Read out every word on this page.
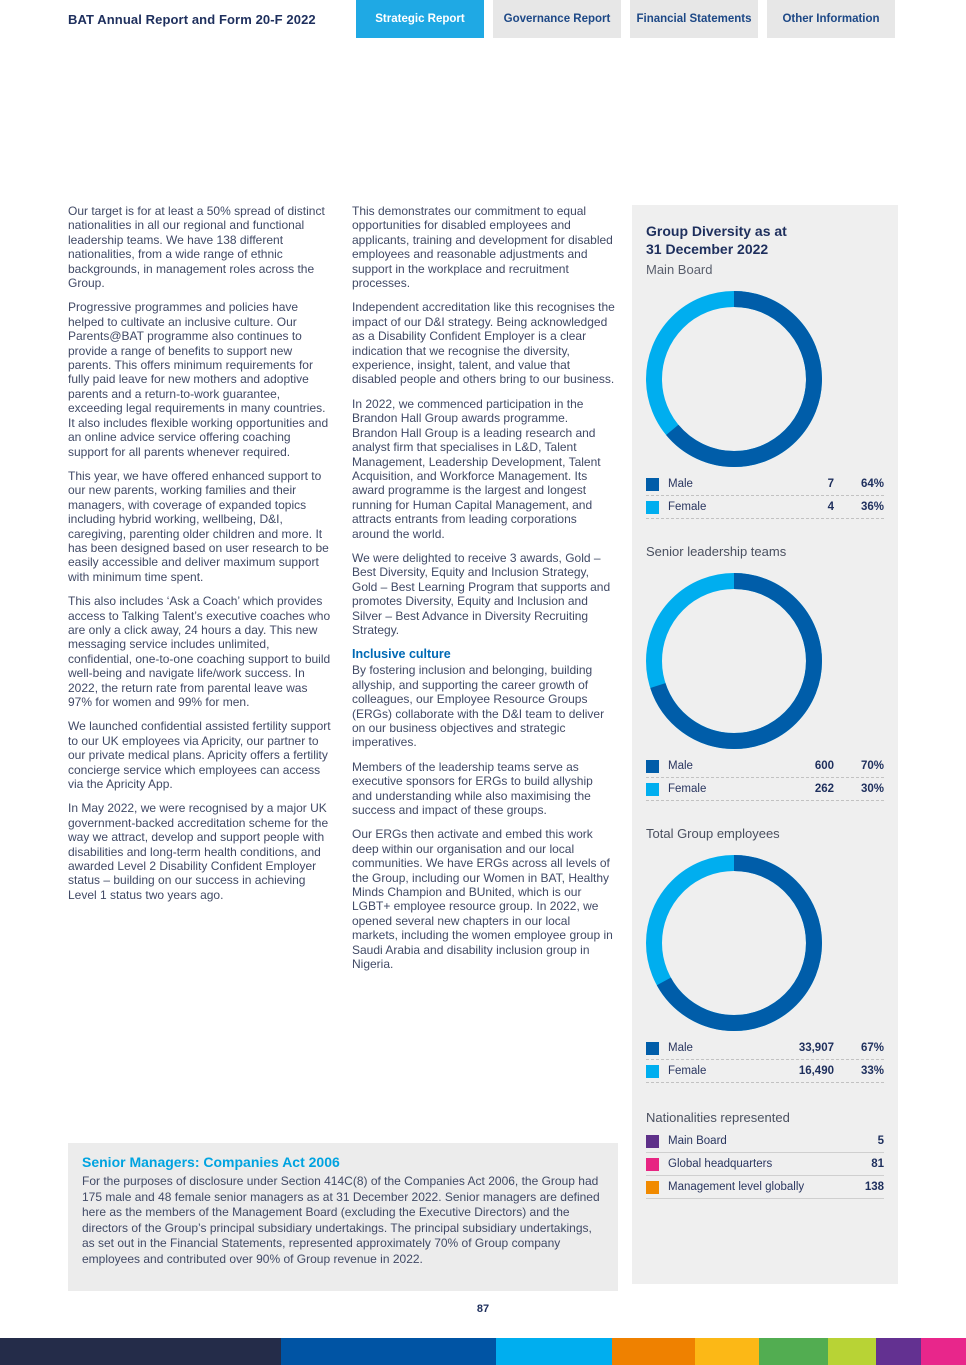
BAT Annual Report and Form 20-F 2022	Strategic Report	Governance Report	Financial Statements	Other Information

Our target is for at least a 50% spread of distinct nationalities in all our regional and functional leadership teams. We have 138 different nationalities, from a wide range of ethnic backgrounds, in management roles across the Group.

Progressive programmes and policies have helped to cultivate an inclusive culture. Our Parents@BAT programme also continues to provide a range of benefits to support new parents. This offers minimum requirements for fully paid leave for new mothers and adoptive parents and a return-to-work guarantee, exceeding legal requirements in many countries. It also includes flexible working opportunities and an online advice service offering coaching support for all parents whenever required.

This year, we have offered enhanced support to our new parents, working families and their managers, with coverage of expanded topics including hybrid working, wellbeing, D&I, caregiving, parenting older children and more. It has been designed based on user research to be easily accessible and deliver maximum support with minimum time spent.

This also includes ‘Ask a Coach’ which provides access to Talking Talent’s executive coaches who are only a click away, 24 hours a day. This new messaging service includes unlimited, confidential, one-to-one coaching support to build well-being and navigate life/work success. In 2022, the return rate from parental leave was 97% for women and 99% for men.

We launched confidential assisted fertility support to our UK employees via Apricity, our partner to our private medical plans. Apricity offers a fertility concierge service which employees can access via the Apricity App.

In May 2022, we were recognised by a major UK government-backed accreditation scheme for the way we attract, develop and support people with disabilities and long-term health conditions, and awarded Level 2 Disability Confident Employer status – building on our success in achieving Level 1 status two years ago.

This demonstrates our commitment to equal opportunities for disabled employees and applicants, training and development for disabled employees and reasonable adjustments and support in the workplace and recruitment processes.

Independent accreditation like this recognises the impact of our D&I strategy. Being acknowledged as a Disability Confident Employer is a clear indication that we recognise the diversity, experience, insight, talent, and value that disabled people and others bring to our business.

In 2022, we commenced participation in the Brandon Hall Group awards programme. Brandon Hall Group is a leading research and analyst firm that specialises in L&D, Talent Management, Leadership Development, Talent Acquisition, and Workforce Management. Its award programme is the largest and longest running for Human Capital Management, and attracts entrants from leading corporations around the world.

We were delighted to receive 3 awards, Gold – Best Diversity, Equity and Inclusion Strategy, Gold – Best Learning Program that supports and promotes Diversity, Equity and Inclusion and Silver – Best Advance in Diversity Recruiting Strategy.

Inclusive culture

By fostering inclusion and belonging, building allyship, and supporting the career growth of colleagues, our Employee Resource Groups (ERGs) collaborate with the D&I team to deliver on our business objectives and strategic imperatives.

Members of the leadership teams serve as executive sponsors for ERGs to build allyship and understanding while also maximising the success and impact of these groups.

Our ERGs then activate and embed this work deep within our organisation and our local communities. We have ERGs across all levels of the Group, including our Women in BAT, Healthy Minds Champion and BUnited, which is our LGBT+ employee resource group. In 2022, we opened several new chapters in our local markets, including the women employee group in Saudi Arabia and disability inclusion group in Nigeria.

Group Diversity as at
31 December 2022
Main Board
Male	7	64%
Female	4	36%
Senior leadership teams
Male	600	70%
Female	262	30%
Total Group employees
Male	33,907	67%
Female	16,490	33%
Nationalities represented
Main Board	5
Global headquarters	81
Management level globally	138
Senior Managers: Companies Act 2006

For the purposes of disclosure under Section 414C(8) of the Companies Act 2006, the Group had 175 male and 48 female senior managers as at 31 December 2022. Senior managers are defined here as the members of the Management Board (excluding the Executive Directors) and the directors of the Group’s principal subsidiary undertakings. The principal subsidiary undertakings, as set out in the Financial Statements, represented approximately 70% of Group company employees and contributed over 90% of Group revenue in 2022.

87
